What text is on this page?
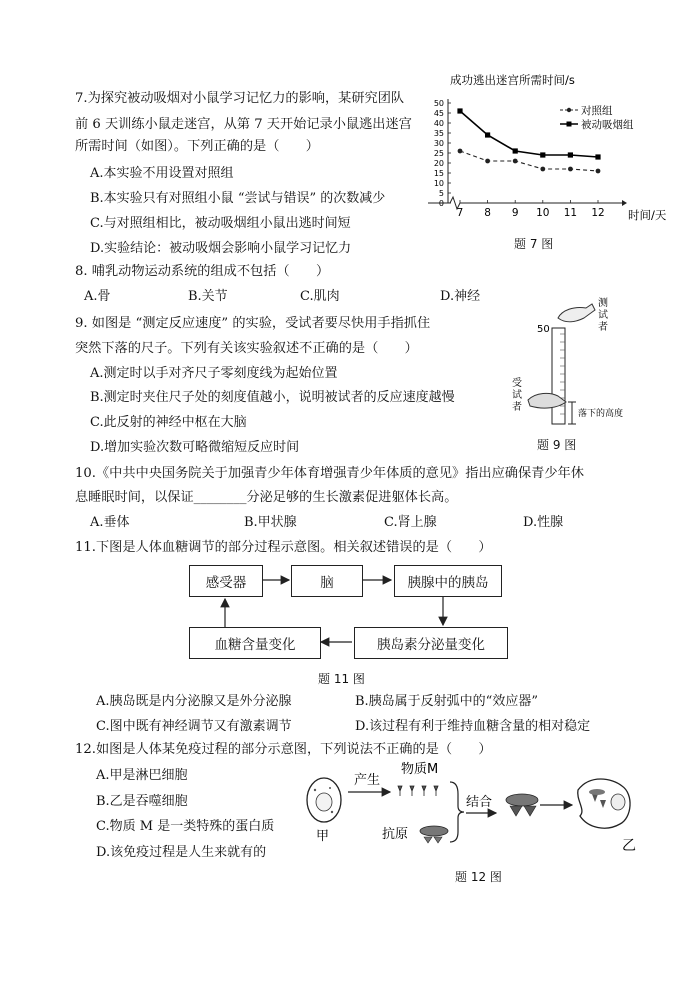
7.为探究被动吸烟对小鼠学习记忆力的影响，某研究团队
前 6 天训练小鼠走迷宫，从第 7 天开始记录小鼠逃出迷宫
所需时间（如图）。下列正确的是（　　）
A.本实验不用设置对照组
B.本实验只有对照组小鼠 “尝试与错误” 的次数减少
C.与对照组相比，被动吸烟组小鼠出逃时间短
D.实验结论：被动吸烟会影响小鼠学习记忆力
成功逃出迷宫所需时间/s
0
5
10
15
20
25
30
35
40
45
50
7 8 9 10 11 12
对照组
被动吸烟组
时间/天
题 7 图
8. 哺乳动物运动系统的组成不包括（　　）
A.骨	B.关节	C.肌肉	D.神经
9. 如图是 “测定反应速度” 的实验，受试者要尽快用手指抓住
突然下落的尺子。下列有关该实验叙述不正确的是（　　）
A.测定时以手对齐尺子零刻度线为起始位置
B.测定时夹住尺子处的刻度值越小，说明被试者的反应速度越慢
C.此反射的神经中枢在大脑
D.增加实验次数可略微缩短反应时间
50
落下的高度
测试者
受试者
题 9 图
10.《中共中央国务院关于加强青少年体育增强青少年体质的意见》指出应确保青少年休
息睡眠时间，以保证________分泌足够的生长激素促进躯体长高。
A.垂体	B.甲状腺	C.肾上腺	D.性腺
11.下图是人体血糖调节的部分过程示意图。相关叙述错误的是（　　）
感受器	脑	胰腺中的胰岛
胰岛素分泌量变化
血糖含量变化
题 11 图
A.胰岛既是内分泌腺又是外分泌腺	B.胰岛属于反射弧中的“效应器”
C.图中既有神经调节又有激素调节	D.该过程有利于维持血糖含量的相对稳定
12.如图是人体某免疫过程的部分示意图，下列说法不正确的是（　　）
A.甲是淋巴细胞
B.乙是吞噬细胞
C.物质 M 是一类特殊的蛋白质
D.该免疫过程是人生来就有的
甲
产生
物质M
抗原
结合
乙
题 12 图
